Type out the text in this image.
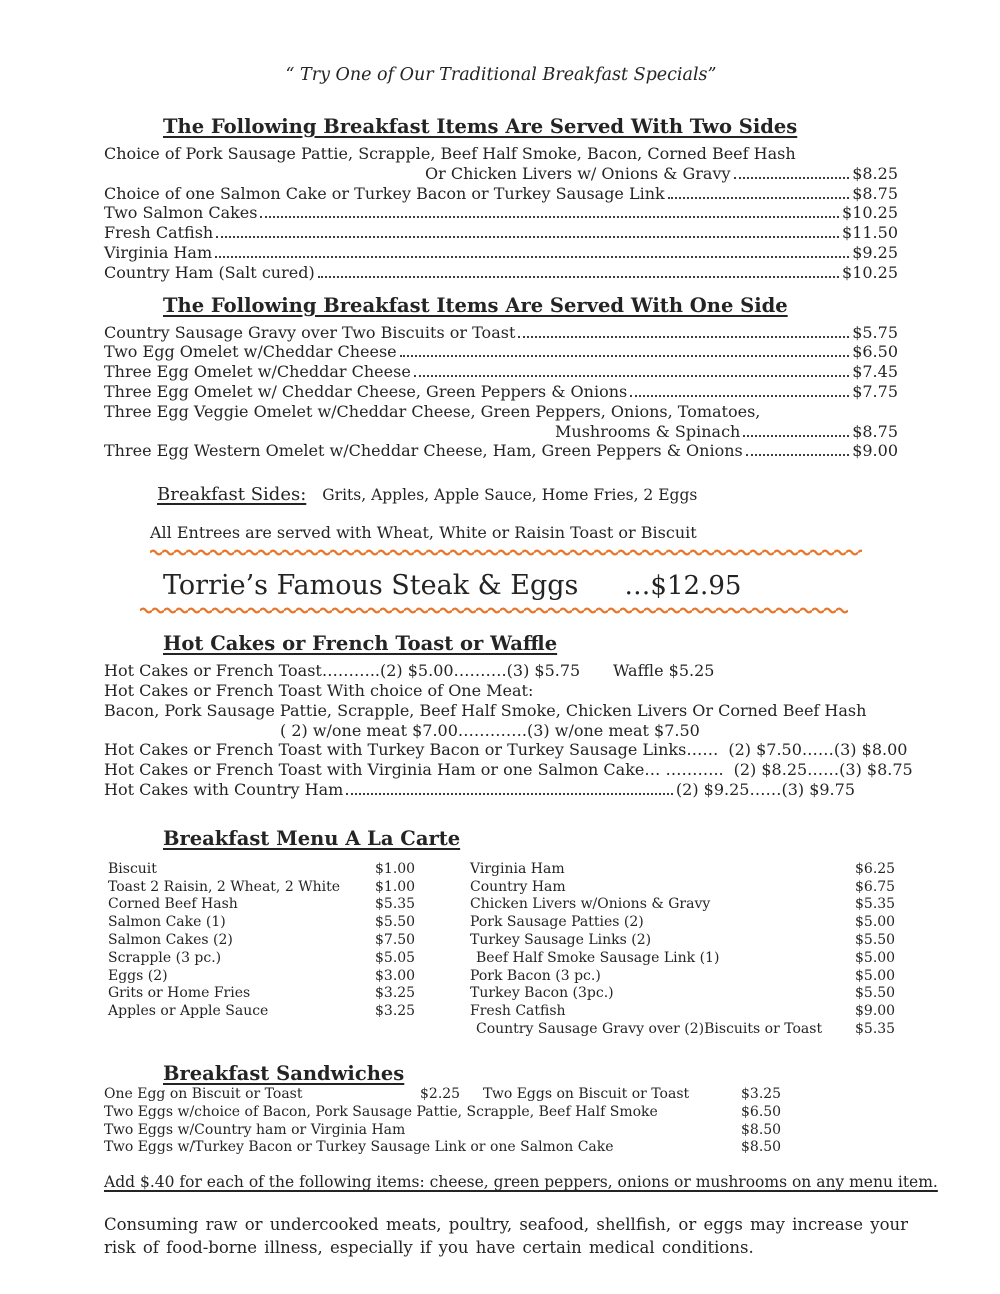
“ Try One of Our Traditional Breakfast Specials”
The Following Breakfast Items Are Served With Two Sides
Choice of Pork Sausage Pattie, Scrapple, Beef Half Smoke, Bacon, Corned Beef Hash
Or Chicken Livers w/ Onions & Gravy	$8.25
Choice of one Salmon Cake or Turkey Bacon or Turkey Sausage Link	$8.75
Two Salmon Cakes	$10.25
Fresh Catfish	$11.50
Virginia Ham	$9.25
Country Ham (Salt cured)	$10.25
The Following Breakfast Items Are Served With One Side
Country Sausage Gravy over Two Biscuits or Toast	$5.75
Two Egg Omelet w/Cheddar Cheese	$6.50
Three Egg Omelet w/Cheddar Cheese	$7.45
Three Egg Omelet w/ Cheddar Cheese, Green Peppers & Onions	$7.75
Three Egg Veggie Omelet w/Cheddar Cheese, Green Peppers, Onions, Tomatoes,
Mushrooms & Spinach	$8.75
Three Egg Western Omelet w/Cheddar Cheese, Ham, Green Peppers & Onions	$9.00
Breakfast Sides: Grits, Apples, Apple Sauce, Home Fries, 2 Eggs
All Entrees are served with Wheat, White or Raisin Toast or Biscuit
Torrie’s Famous Steak & Eggs …$12.95
Hot Cakes or French Toast or Waffle
Hot Cakes or French Toast………..(2) $5.00……….(3) $5.75 Waffle $5.25
Hot Cakes or French Toast With choice of One Meat:
Bacon, Pork Sausage Pattie, Scrapple, Beef Half Smoke, Chicken Livers Or Corned Beef Hash
( 2) w/one meat $7.00………….(3) w/one meat $7.50
Hot Cakes or French Toast with Turkey Bacon or Turkey Sausage Links…… (2) $7.50……(3) $8.00
Hot Cakes or French Toast with Virginia Ham or one Salmon Cake… ……….. (2) $8.25……(3) $8.75
Hot Cakes with Country Ham	(2) $9.25……(3) $9.75
Breakfast Menu A La Carte
Biscuit	$1.00
Toast 2 Raisin, 2 Wheat, 2 White	$1.00
Corned Beef Hash	$5.35
Salmon Cake (1)	$5.50
Salmon Cakes (2)	$7.50
Scrapple (3 pc.)	$5.05
Eggs (2)	$3.00
Grits or Home Fries	$3.25
Apples or Apple Sauce	$3.25
Virginia Ham	$6.25
Country Ham	$6.75
Chicken Livers w/Onions & Gravy	$5.35
Pork Sausage Patties (2)	$5.00
Turkey Sausage Links (2)	$5.50
Beef Half Smoke Sausage Link (1)	$5.00
Pork Bacon (3 pc.)	$5.00
Turkey Bacon (3pc.)	$5.50
Fresh Catfish	$9.00
Country Sausage Gravy over (2)Biscuits or Toast	$5.35
Breakfast Sandwiches
One Egg on Biscuit or Toast	$2.25	Two Eggs on Biscuit or Toast	$3.25
Two Eggs w/choice of Bacon, Pork Sausage Pattie, Scrapple, Beef Half Smoke	$6.50
Two Eggs w/Country ham or Virginia Ham	$8.50
Two Eggs w/Turkey Bacon or Turkey Sausage Link or one Salmon Cake	$8.50
Add $.40 for each of the following items: cheese, green peppers, onions or mushrooms on any menu item.
Consuming raw or undercooked meats, poultry, seafood, shellfish, or eggs may increase your risk of food-borne illness, especially if you have certain medical conditions.
